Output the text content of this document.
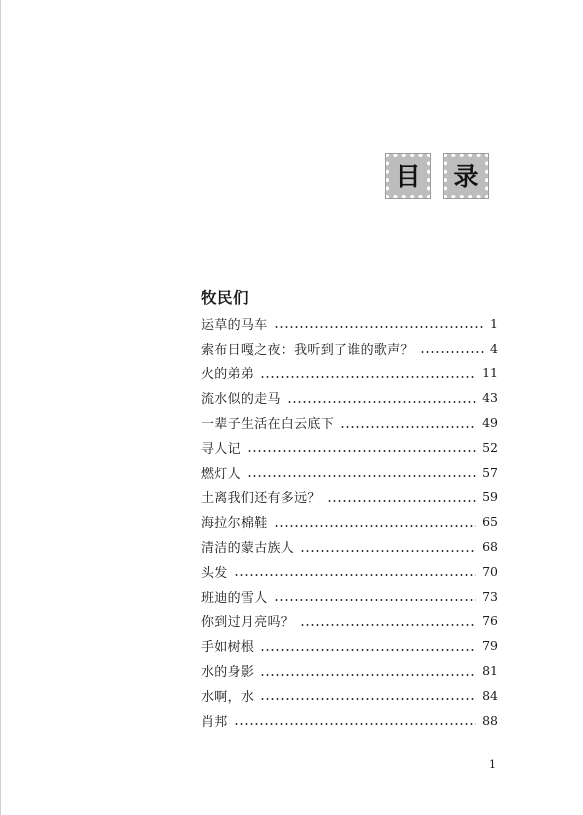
目 录
牧民们
运草的马车	1
索布日嘎之夜：我听到了谁的歌声？	4
火的弟弟	11
流水似的走马	43
一辈子生活在白云底下	49
寻人记	52
燃灯人	57
土离我们还有多远？	59
海拉尔棉鞋	65
清洁的蒙古族人	68
头发	70
班迪的雪人	73
你到过月亮吗？	76
手如树根	79
水的身影	81
水啊，水	84
肖邦	88
1
